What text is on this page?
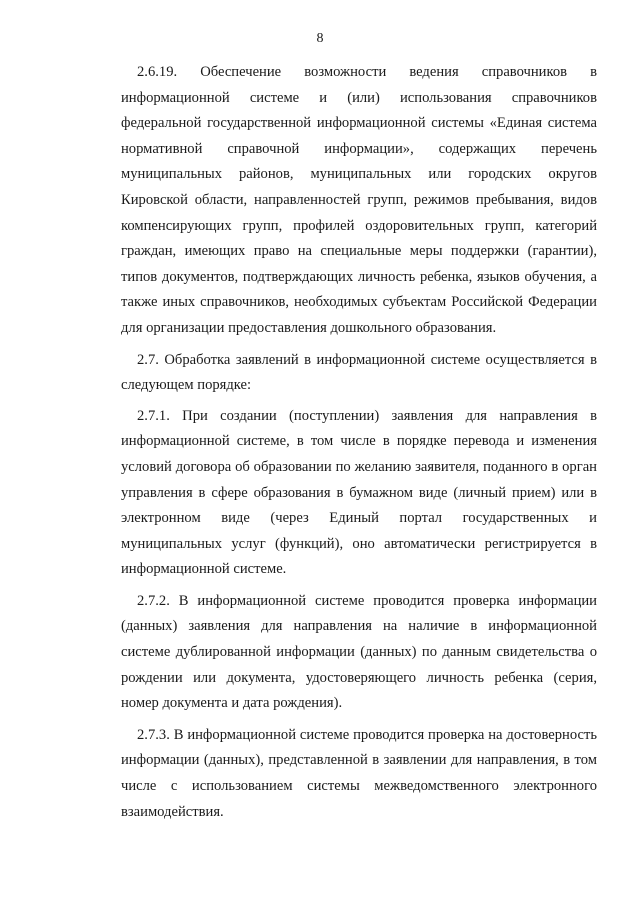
8

2.6.19. Обеспечение возможности ведения справочников в информационной системе и (или) использования справочников федеральной государственной информационной системы «Единая система нормативной справочной информации», содержащих перечень муниципальных районов, муниципальных или городских округов Кировской области, направленностей групп, режимов пребывания, видов компенсирующих групп, профилей оздоровительных групп, категорий граждан, имеющих право на специальные меры поддержки (гарантии), типов документов, подтверждающих личность ребенка, языков обучения, а также иных справочников, необходимых субъектам Российской Федерации для организации предоставления дошкольного образования.

2.7. Обработка заявлений в информационной системе осуществляется в следующем порядке:

2.7.1. При создании (поступлении) заявления для направления в информационной системе, в том числе в порядке перевода и изменения условий договора об образовании по желанию заявителя, поданного в орган управления в сфере образования в бумажном виде (личный прием) или в электронном виде (через Единый портал государственных и муниципальных услуг (функций), оно автоматически регистрируется в информационной системе.

2.7.2. В информационной системе проводится проверка информации (данных) заявления для направления на наличие в информационной системе дублированной информации (данных) по данным свидетельства о рождении или документа, удостоверяющего личность ребенка (серия, номер документа и дата рождения).

2.7.3. В информационной системе проводится проверка на достоверность информации (данных), представленной в заявлении для направления, в том числе с использованием системы межведомственного электронного взаимодействия.
